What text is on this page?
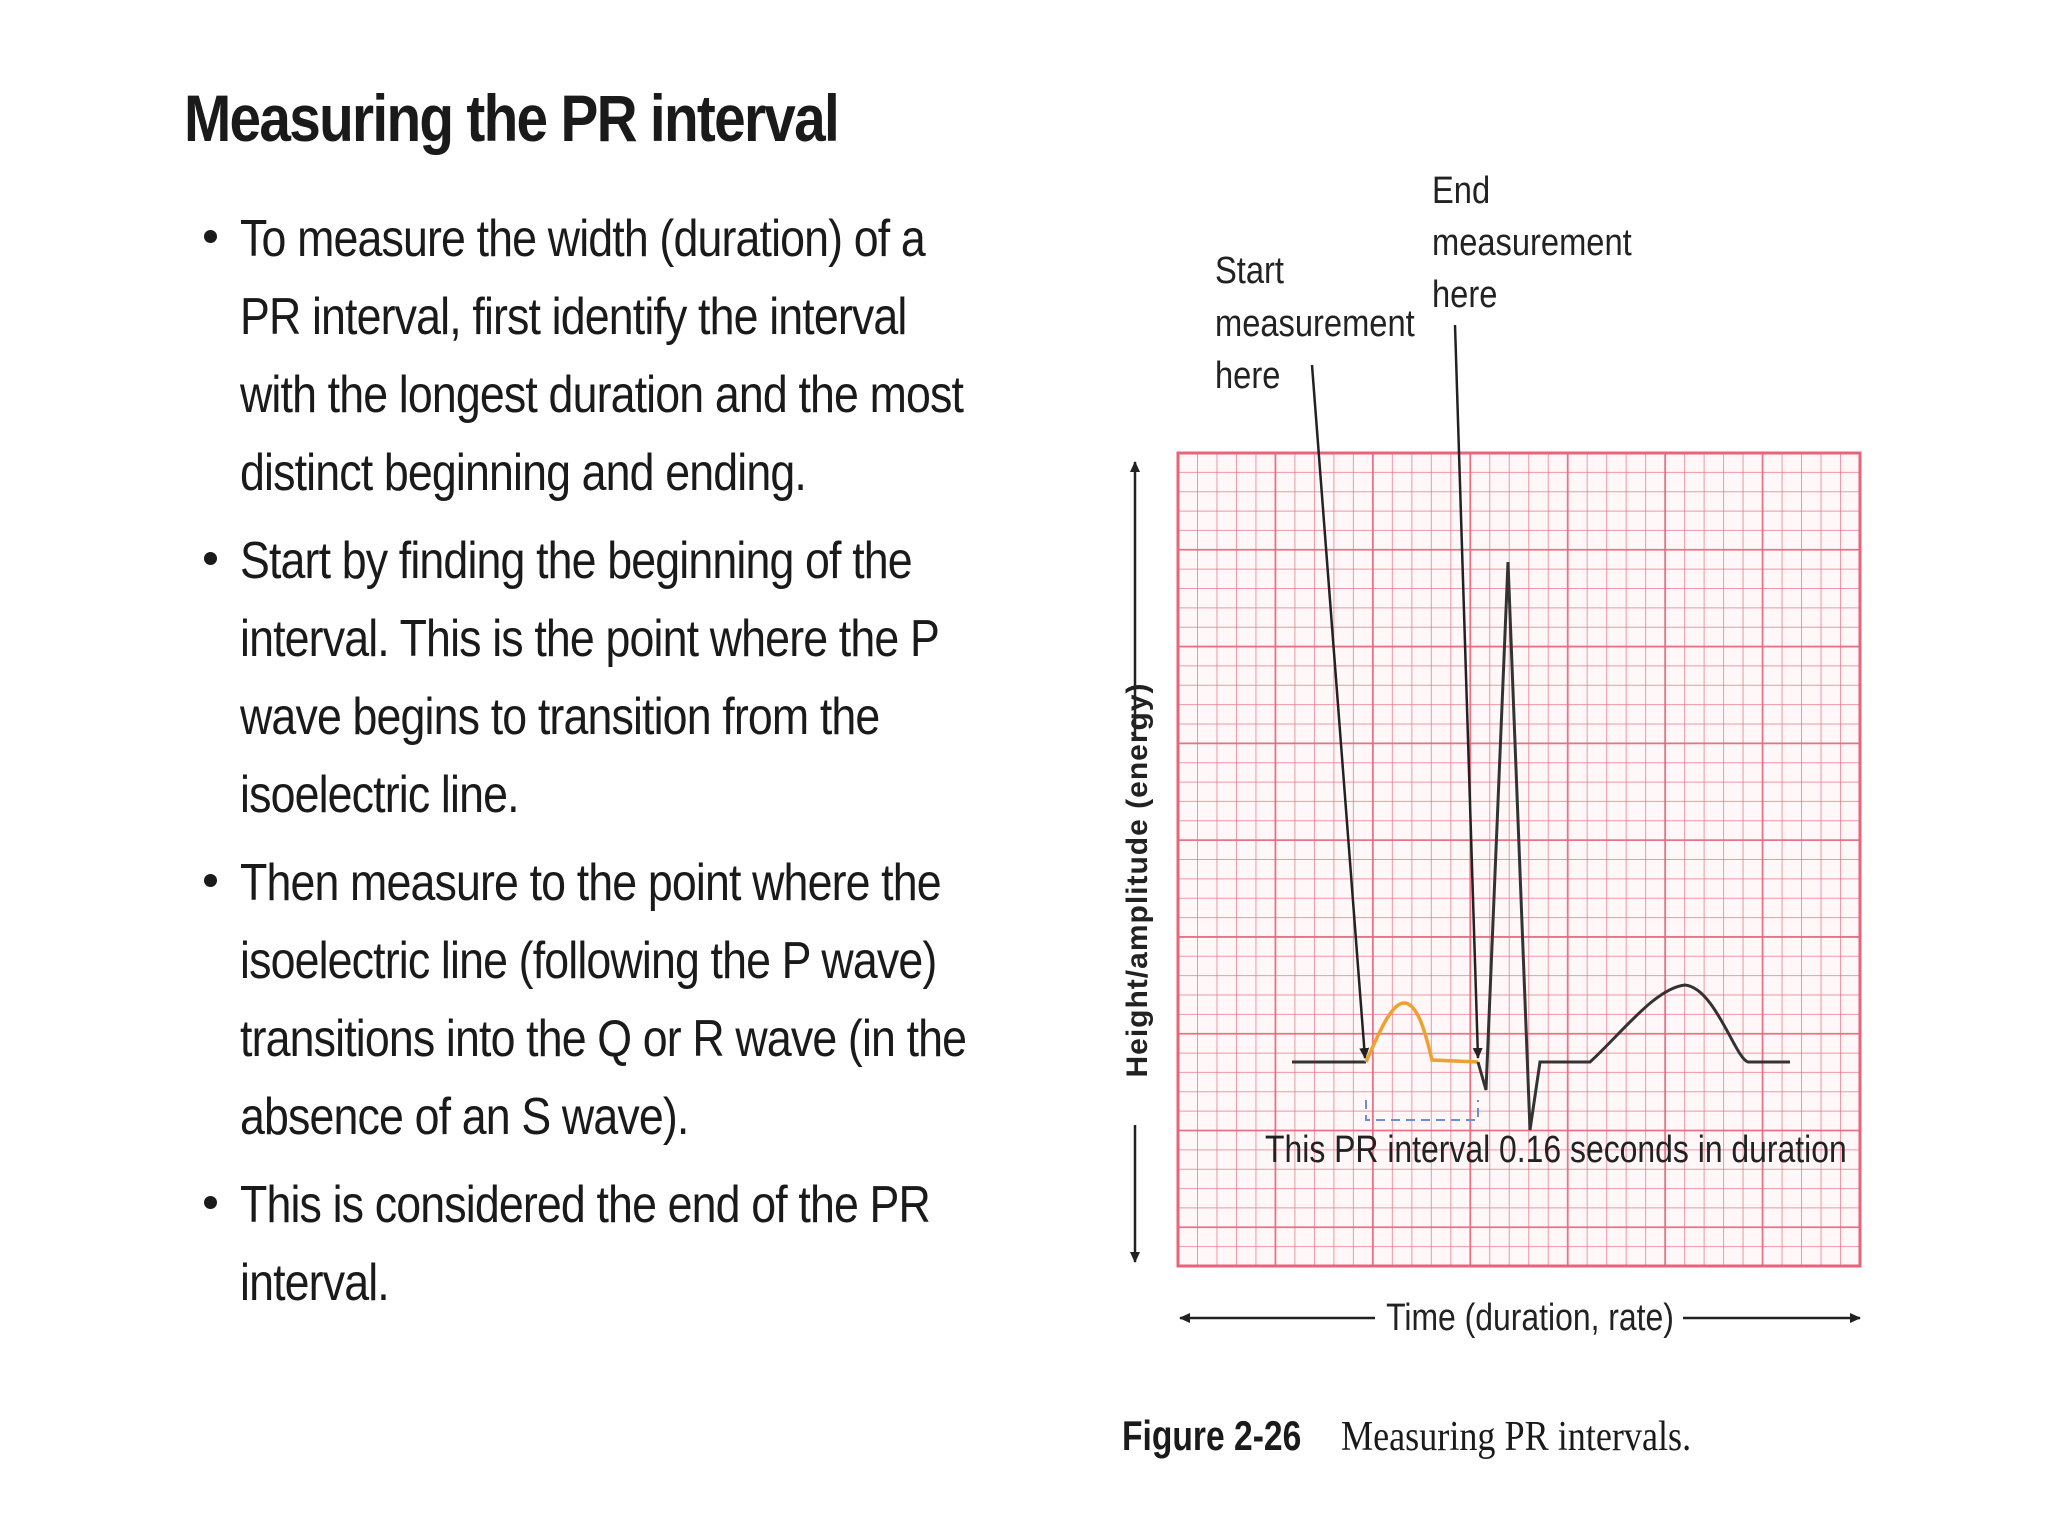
Measuring the PR interval
To measure the width (duration) of a PR interval, first identify the interval with the longest duration and the most distinct beginning and ending.
Start by finding the beginning of the interval. This is the point where the P wave begins to transition from the isoelectric line.
Then measure to the point where the isoelectric line (following the P wave) transitions into the Q or R wave (in the absence of an S wave).
This is considered the end of the PR interval.
Start
measurement
here
End
measurement
here
This PR interval 0.16 seconds in duration
Height/amplitude (energy)
Time (duration, rate)
Figure 2-26 Measuring PR intervals.
